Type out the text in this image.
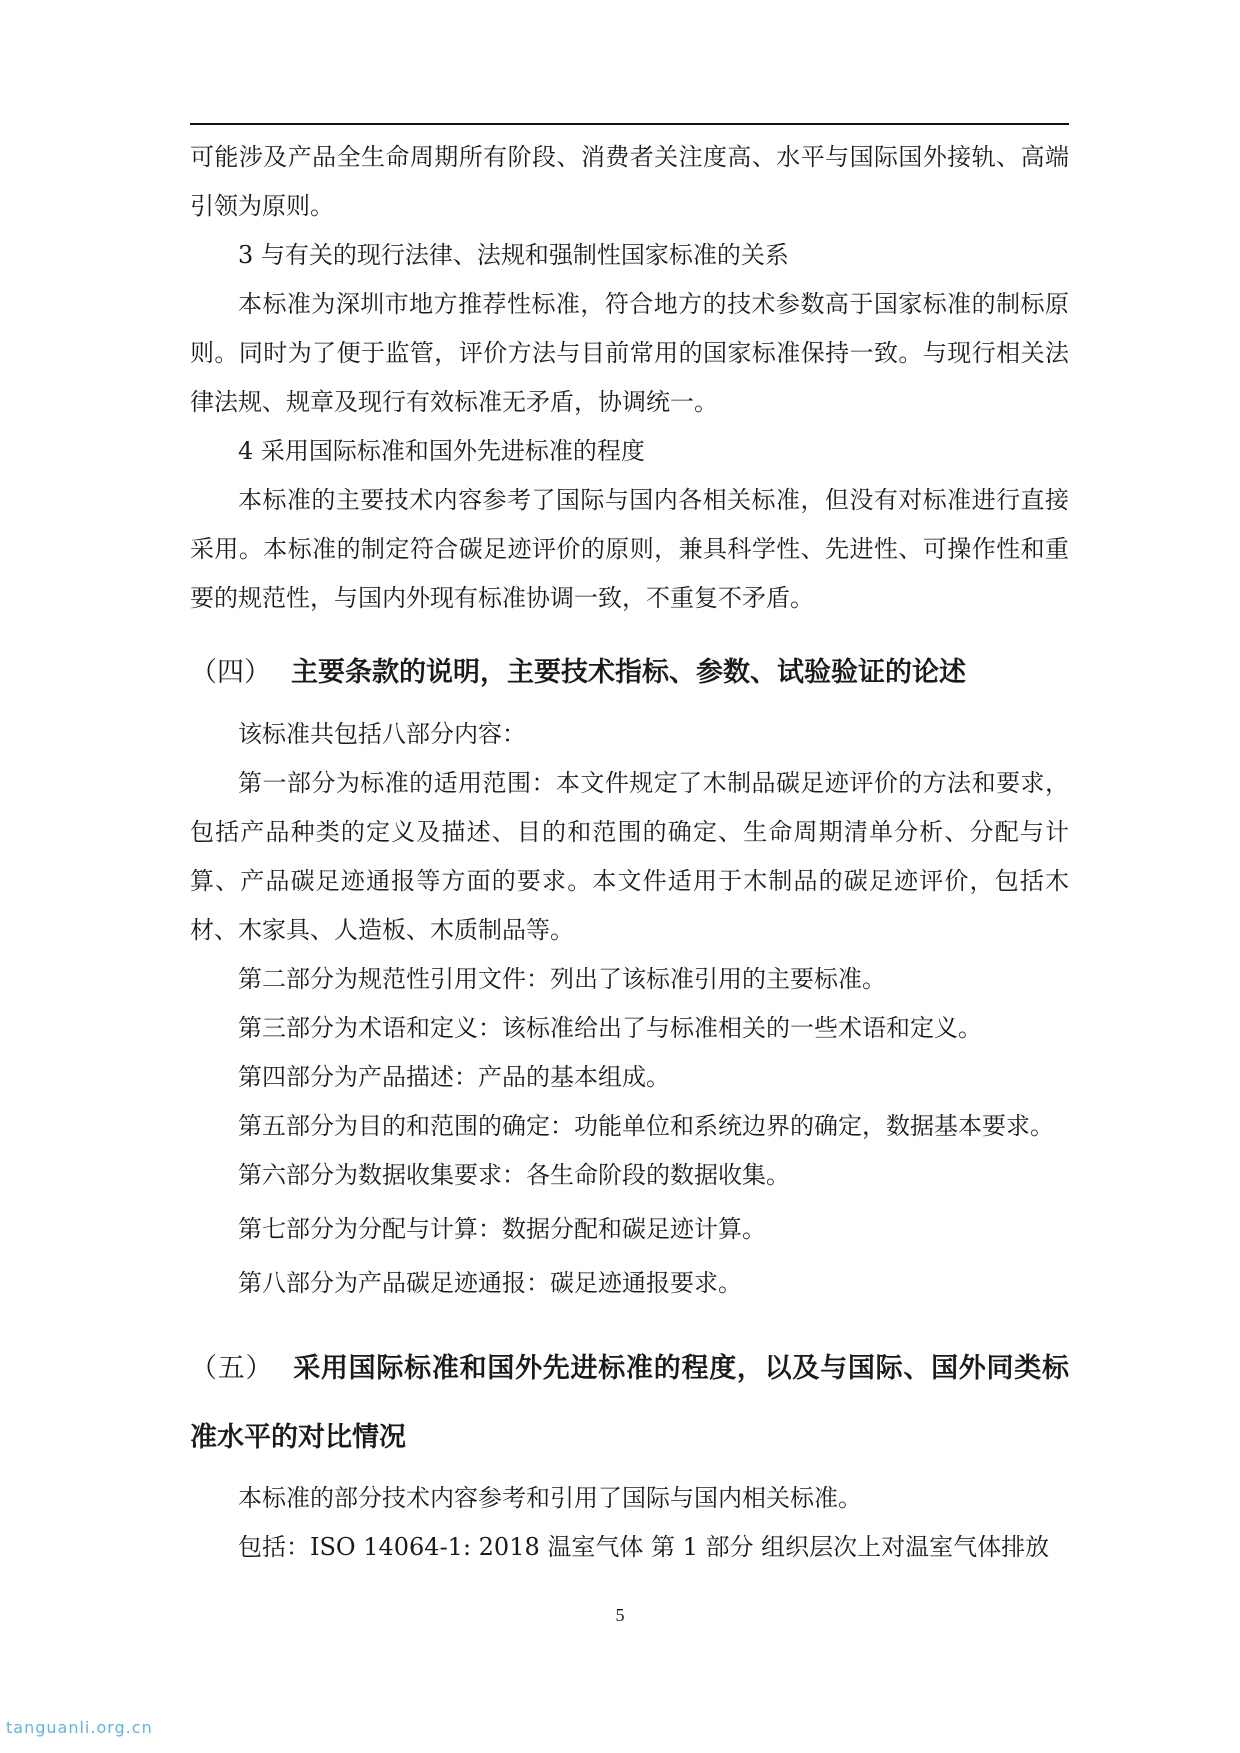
可能涉及产品全生命周期所有阶段、消费者关注度高、水平与国际国外接轨、高端引领为原则。
3 与有关的现行法律、法规和强制性国家标准的关系
本标准为深圳市地方推荐性标准，符合地方的技术参数高于国家标准的制标原则。同时为了便于监管，评价方法与目前常用的国家标准保持一致。与现行相关法律法规、规章及现行有效标准无矛盾，协调统一。
4 采用国际标准和国外先进标准的程度
本标准的主要技术内容参考了国际与国内各相关标准，但没有对标准进行直接采用。本标准的制定符合碳足迹评价的原则，兼具科学性、先进性、可操作性和重要的规范性，与国内外现有标准协调一致，不重复不矛盾。
（四） 主要条款的说明，主要技术指标、参数、试验验证的论述
该标准共包括八部分内容：
第一部分为标准的适用范围：本文件规定了木制品碳足迹评价的方法和要求，包括产品种类的定义及描述、目的和范围的确定、生命周期清单分析、分配与计算、产品碳足迹通报等方面的要求。本文件适用于木制品的碳足迹评价，包括木材、木家具、人造板、木质制品等。
第二部分为规范性引用文件：列出了该标准引用的主要标准。
第三部分为术语和定义：该标准给出了与标准相关的一些术语和定义。
第四部分为产品描述：产品的基本组成。
第五部分为目的和范围的确定：功能单位和系统边界的确定，数据基本要求。
第六部分为数据收集要求：各生命阶段的数据收集。
第七部分为分配与计算：数据分配和碳足迹计算。
第八部分为产品碳足迹通报：碳足迹通报要求。
（五） 采用国际标准和国外先进标准的程度，以及与国际、国外同类标准水平的对比情况
本标准的部分技术内容参考和引用了国际与国内相关标准。
包括：ISO 14064-1: 2018 温室气体 第 1 部分 组织层次上对温室气体排放
5
tanguanli.org.cn
